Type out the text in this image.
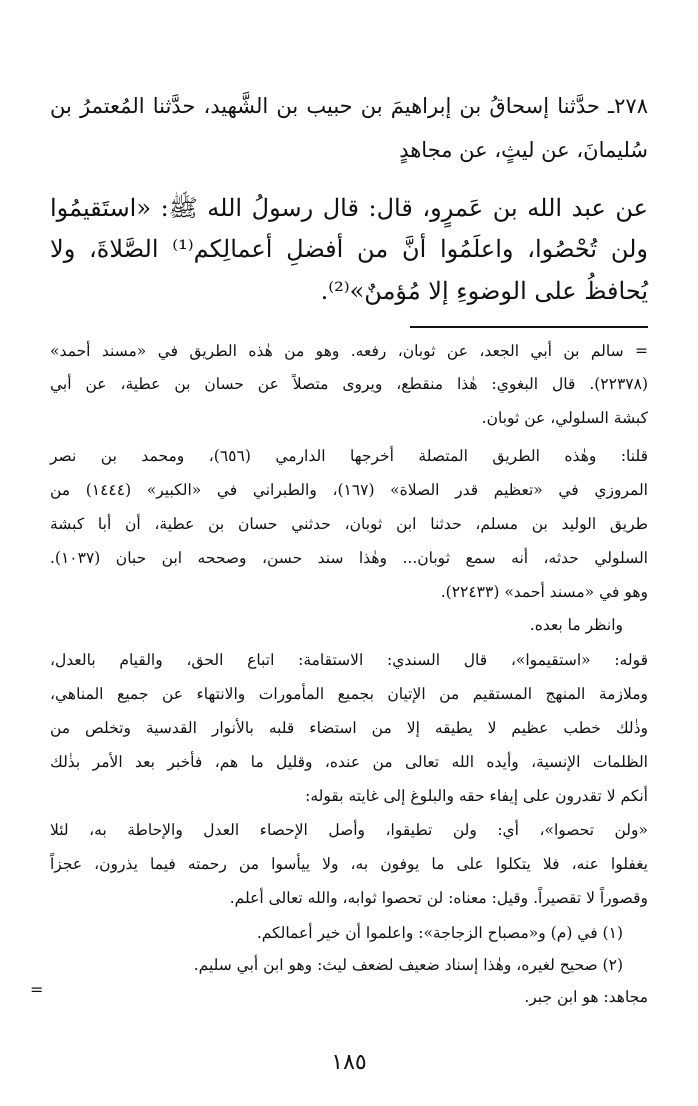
٢٧٨ـ حدَّثنا إسحاقُ بن إبراهيمَ بن حبيب بن الشَّهيد، حدَّثنا المُعتمرُ بن
سُليمانَ، عن ليثٍ، عن مجاهدٍ
عن عبد الله بن عَمرٍو، قال: قال رسولُ الله ﷺ: «استَقيمُوا
ولن تُحْصُوا، واعلَمُوا أنَّ من أفضلِ أعمالِكم⁽¹⁾ الصَّلاةَ، ولا
يُحافظُ على الوضوءِ إلا مُؤمنٌ»⁽²⁾.
= سالم بن أبي الجعد، عن ثوبان، رفعه. وهو من هٰذه الطريق في «مسند أحمد»
(٢٢٣٧٨). قال البغوي: هٰذا منقطع، ويروى متصلاً عن حسان بن عطية، عن أبي
كبشة السلولي، عن ثوبان.
قلنا: وهٰذه الطريق المتصلة أخرجها الدارمي (٦٥٦)، ومحمد بن نصر
المروزي في «تعظيم قدر الصلاة» (١٦٧)، والطبراني في «الكبير» (١٤٤٤) من
طريق الوليد بن مسلم، حدثنا ابن ثوبان، حدثني حسان بن عطية، أن أبا كبشة
السلولي حدثه، أنه سمع ثوبان... وهٰذا سند حسن، وصححه ابن حبان (١٠٣٧).
وهو في «مسند أحمد» (٢٢٤٣٣).
وانظر ما بعده.
قوله: «استقيموا»، قال السندي: الاستقامة: اتباع الحق، والقيام بالعدل،
وملازمة المنهج المستقيم من الإتيان بجميع المأمورات والانتهاء عن جميع المناهي،
وذٰلك خطب عظيم لا يطيقه إلا من استضاء قلبه بالأنوار القدسية وتخلص من
الظلمات الإنسية، وأيده الله تعالى من عنده، وقليل ما هم، فأخبر بعد الأمر بذٰلك
أنكم لا تقدرون على إيفاء حقه والبلوغ إلى غايته بقوله:
«ولن تحصوا»، أي: ولن تطيقوا، وأصل الإحصاء العدل والإحاطة به، لئلا
يغفلوا عنه، فلا يتكلوا على ما يوفون به، ولا ييأسوا من رحمته فيما يذرون، عجزاً
وقصوراً لا تقصيراً. وقيل: معناه: لن تحصوا ثوابه، والله تعالى أعلم.
(١) في (م) و«مصباح الزجاجة»: واعلموا أن خير أعمالكم.
(٢) صحيح لغيره، وهٰذا إسناد ضعيف لضعف ليث: وهو ابن أبي سليم.
مجاهد: هو ابن جبر.
=
١٨٥
